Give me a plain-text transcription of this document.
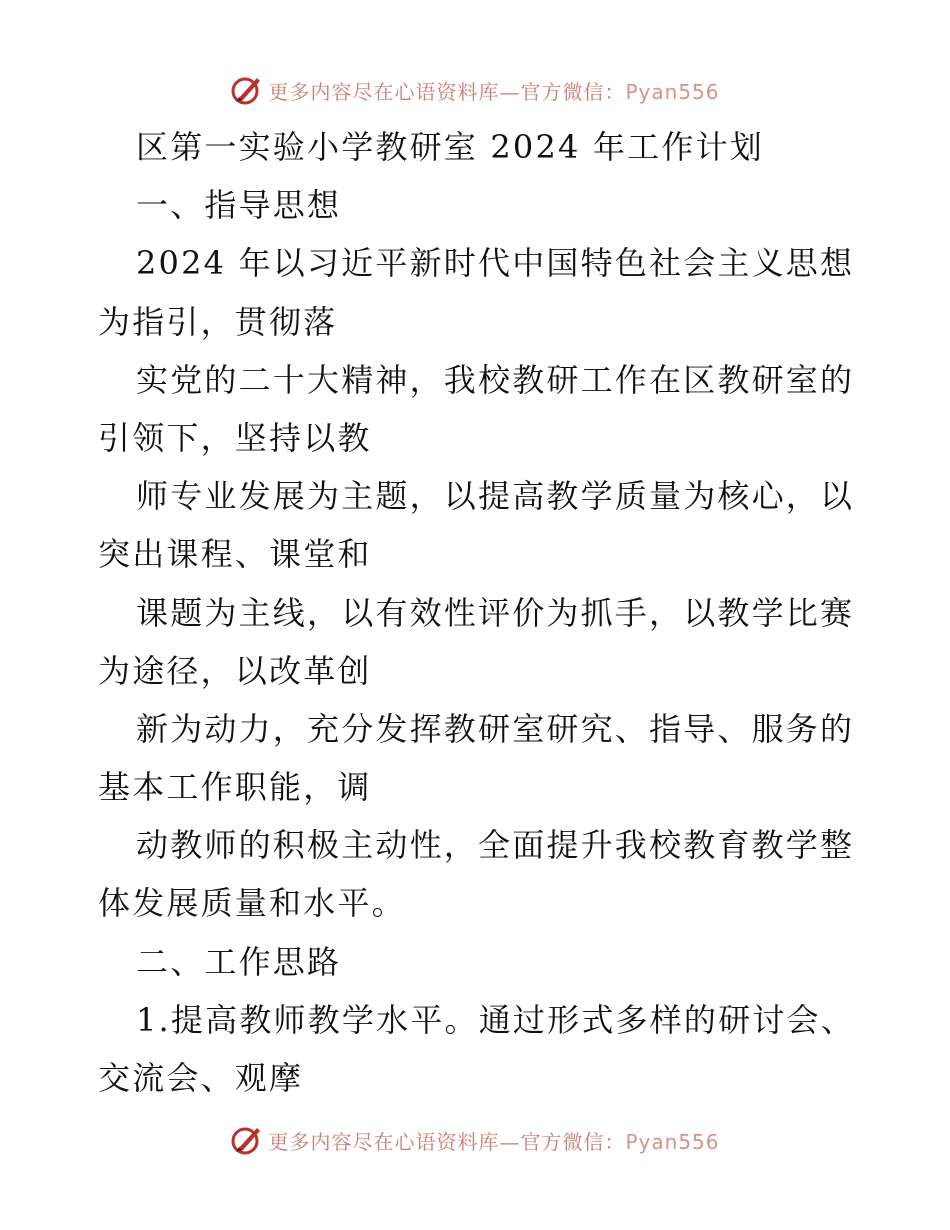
更多内容尽在心语资料库—官方微信：Pyan556
区第一实验小学教研室 2024 年工作计划
一、指导思想
2024 年以习近平新时代中国特色社会主义思想
为指引，贯彻落
实党的二十大精神，我校教研工作在区教研室的
引领下，坚持以教
师专业发展为主题，以提高教学质量为核心，以
突出课程、课堂和
课题为主线，以有效性评价为抓手，以教学比赛
为途径，以改革创
新为动力，充分发挥教研室研究、指导、服务的
基本工作职能，调
动教师的积极主动性，全面提升我校教育教学整
体发展质量和水平。
二、工作思路
1.提高教师教学水平。通过形式多样的研讨会、
交流会、观摩
更多内容尽在心语资料库—官方微信：Pyan556
